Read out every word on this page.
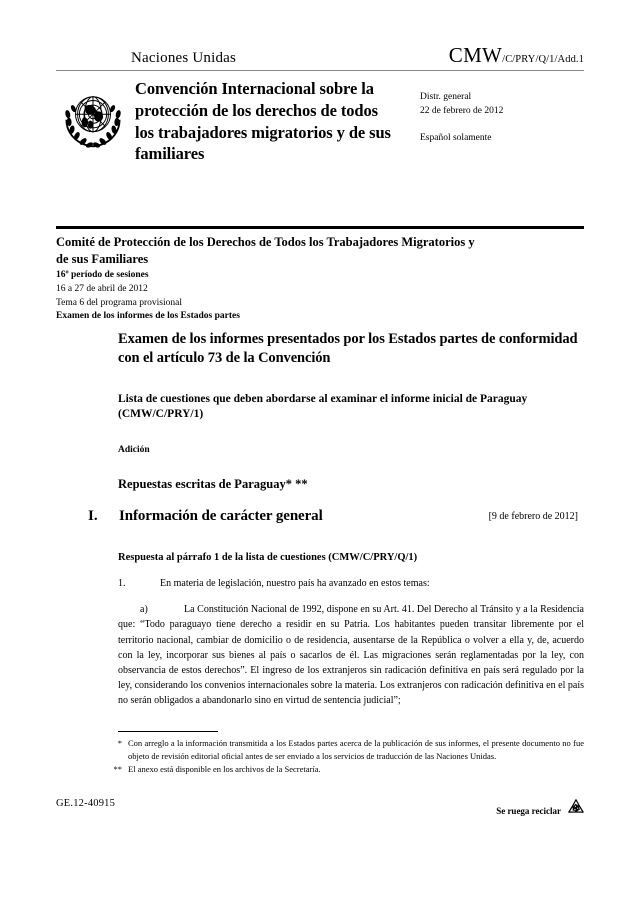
Naciones Unidas	CMW/C/PRY/Q/1/Add.1
Convención Internacional sobre la protección de los derechos de todos los trabajadores migratorios y de sus familiares
Distr. general
22 de febrero de 2012
Español solamente
Comité de Protección de los Derechos de Todos los Trabajadores Migratorios y de sus Familiares
16º período de sesiones
16 a 27 de abril de 2012
Tema 6 del programa provisional
Examen de los informes de los Estados partes
Examen de los informes presentados por los Estados partes de conformidad con el artículo 73 de la Convención
Lista de cuestiones que deben abordarse al examinar el informe inicial de Paraguay (CMW/C/PRY/1)
Adición
Repuestas escritas de Paraguay* **
[9 de febrero de 2012]
I.	Información de carácter general
Respuesta al párrafo 1 de la lista de cuestiones (CMW/C/PRY/Q/1)
1.	En materia de legislación, nuestro país ha avanzado en estos temas:
a)	La Constitución Nacional de 1992, dispone en su Art. 41. Del Derecho al Tránsito y a la Residencia que: “Todo paraguayo tiene derecho a residir en su Patria. Los habitantes pueden transitar libremente por el territorio nacional, cambiar de domicilio o de residencia, ausentarse de la República o volver a ella y, de, acuerdo con la ley, incorporar sus bienes al país o sacarlos de él. Las migraciones serán reglamentadas por la ley, con observancia de estos derechos”. El ingreso de los extranjeros sin radicación definitiva en país será regulado por la ley, considerando los convenios internacionales sobre la materia. Los extranjeros con radicación definitiva en el país no serán obligados a abandonarlo sino en virtud de sentencia judicial”;
* Con arreglo a la información transmitida a los Estados partes acerca de la publicación de sus informes, el presente documento no fue objeto de revisión editorial oficial antes de ser enviado a los servicios de traducción de las Naciones Unidas.
** El anexo está disponible en los archivos de la Secretaría.
GE.12-40915
Se ruega reciclar
